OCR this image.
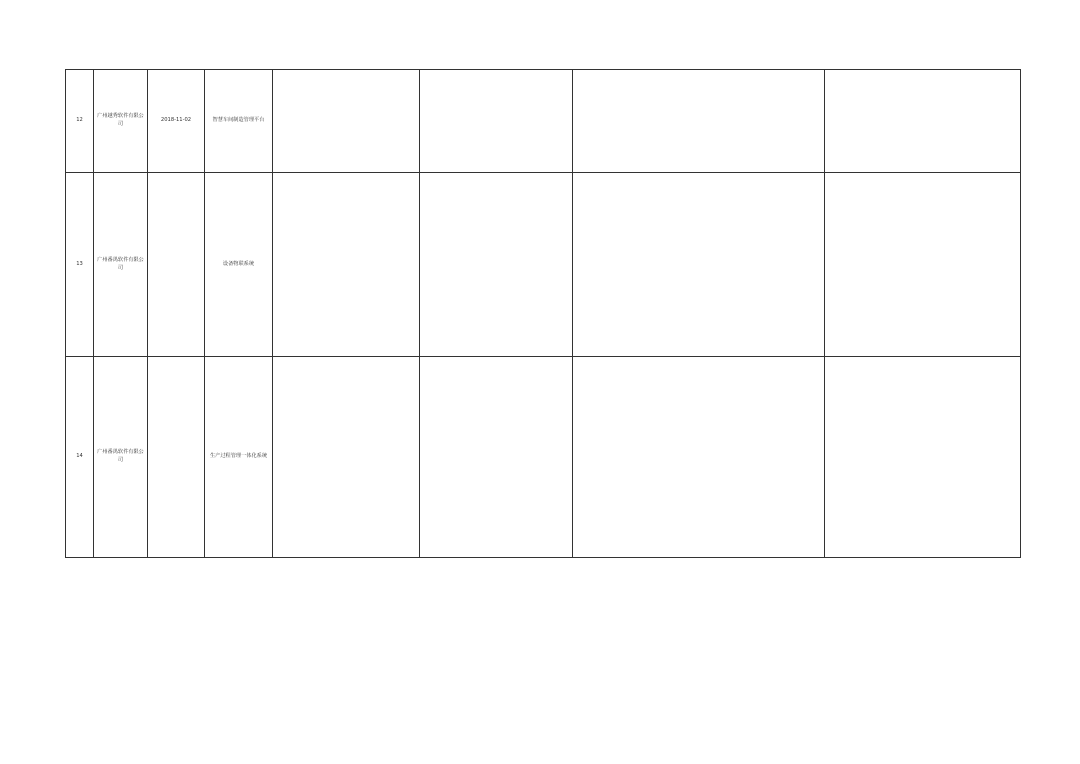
12	广州越秀软件有限公司	2018-11-02	智慧车间制造管理平台				
13	广州番禺软件有限公司		设备物联系统				
14	广州番禺软件有限公司		生产过程管理一体化系统				
